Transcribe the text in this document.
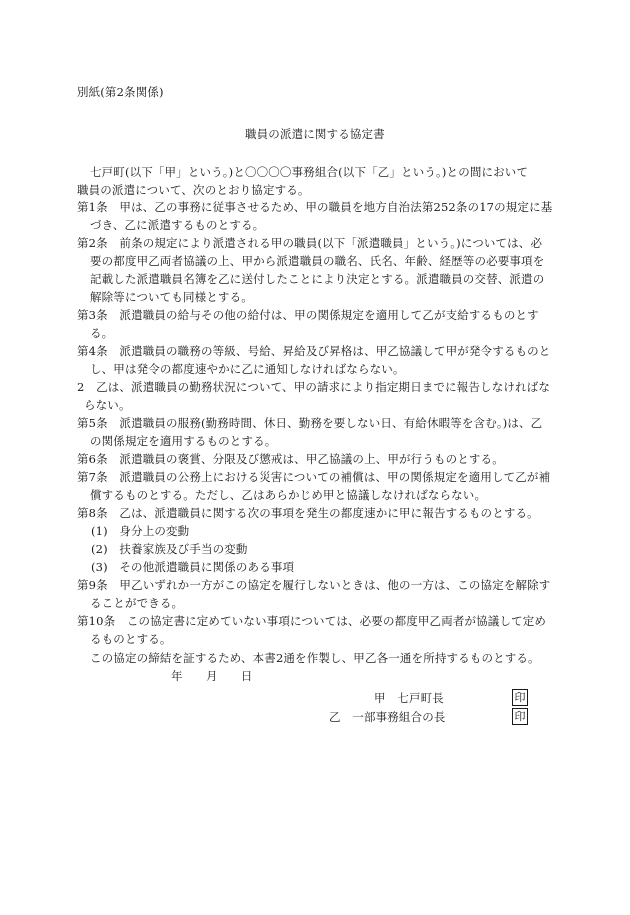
別紙(第2条関係)
職員の派遣に関する協定書
七戸町(以下「甲」という。)と〇〇〇〇事務組合(以下「乙」という。)との間において
職員の派遣について、次のとおり協定する。
第1条　甲は、乙の事務に従事させるため、甲の職員を地方自治法第252条の17の規定に基
づき、乙に派遣するものとする。
第2条　前条の規定により派遣される甲の職員(以下「派遣職員」という。)については、必
要の都度甲乙両者協議の上、甲から派遣職員の職名、氏名、年齢、経歴等の必要事項を
記載した派遣職員名簿を乙に送付したことにより決定とする。派遣職員の交替、派遣の
解除等についても同様とする。
第3条　派遣職員の給与その他の給付は、甲の関係規定を適用して乙が支給するものとす
る。
第4条　派遣職員の職務の等級、号給、昇給及び昇格は、甲乙協議して甲が発令するものと
し、甲は発令の都度速やかに乙に通知しなければならない。
2　乙は、派遣職員の勤務状況について、甲の請求により指定期日までに報告しなければな
らない。
第5条　派遣職員の服務(勤務時間、休日、勤務を要しない日、有給休暇等を含む。)は、乙
の関係規定を適用するものとする。
第6条　派遣職員の褒賞、分限及び懲戒は、甲乙協議の上、甲が行うものとする。
第7条　派遣職員の公務上における災害についての補償は、甲の関係規定を適用して乙が補
償するものとする。ただし、乙はあらかじめ甲と協議しなければならない。
第8条　乙は、派遣職員に関する次の事項を発生の都度速かに甲に報告するものとする。
(1)　身分上の変動
(2)　扶養家族及び手当の変動
(3)　その他派遣職員に関係のある事項
第9条　甲乙いずれか一方がこの協定を履行しないときは、他の一方は、この協定を解除す
ることができる。
第10条　この協定書に定めていない事項については、必要の都度甲乙両者が協議して定め
るものとする。
この協定の締結を証するため、本書2通を作製し、甲乙各一通を所持するものとする。
年　　月　　日
甲　七戸町長	印
乙　一部事務組合の長	印
